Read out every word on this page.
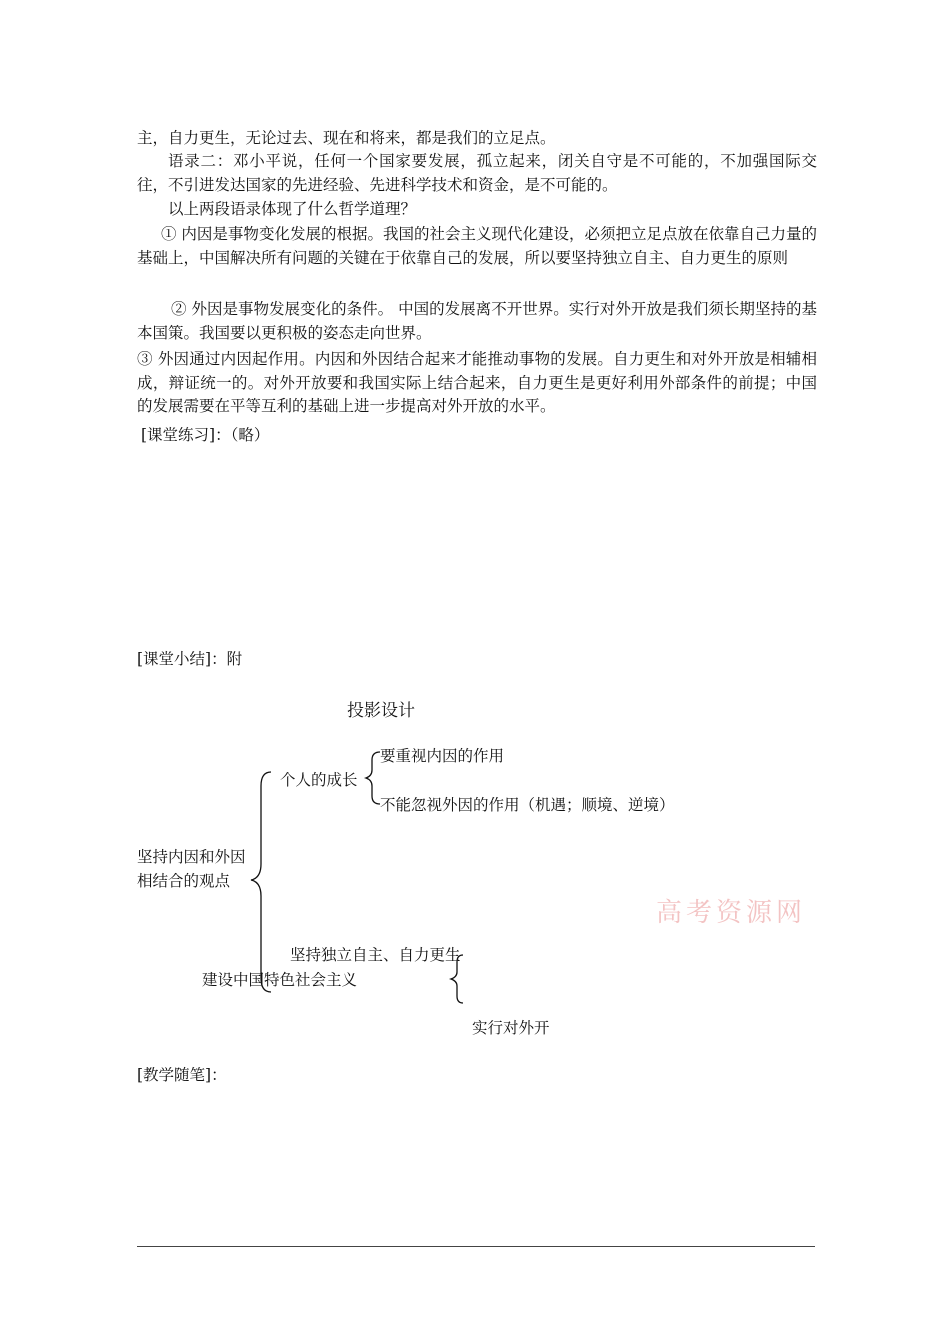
主，自力更生，无论过去、现在和将来，都是我们的立足点。
语录二：邓小平说，任何一个国家要发展，孤立起来，闭关自守是不可能的，不加强国际交往，不引进发达国家的先进经验、先进科学技术和资金，是不可能的。
以上两段语录体现了什么哲学道理？
① 内因是事物变化发展的根据。我国的社会主义现代化建设，必须把立足点放在依靠自己力量的基础上，中国解决所有问题的关键在于依靠自己的发展，所以要坚持独立自主、自力更生的原则
② 外因是事物发展变化的条件。 中国的发展离不开世界。实行对外开放是我们须长期坚持的基本国策。我国要以更积极的姿态走向世界。
③ 外因通过内因起作用。内因和外因结合起来才能推动事物的发展。自力更生和对外开放是相辅相成，辩证统一的。对外开放要和我国实际上结合起来，自力更生是更好利用外部条件的前提；中国的发展需要在平等互利的基础上进一步提高对外开放的水平。
[课堂练习]：（略）
[课堂小结]：附
投影设计
坚持内因和外因
相结合的观点
个人的成长
要重视内因的作用
不能忽视外因的作用（机遇；顺境、逆境）
坚持独立自主、自力更生
建设中国特色社会主义
实行对外开
高考资源网
[教学随笔]：
